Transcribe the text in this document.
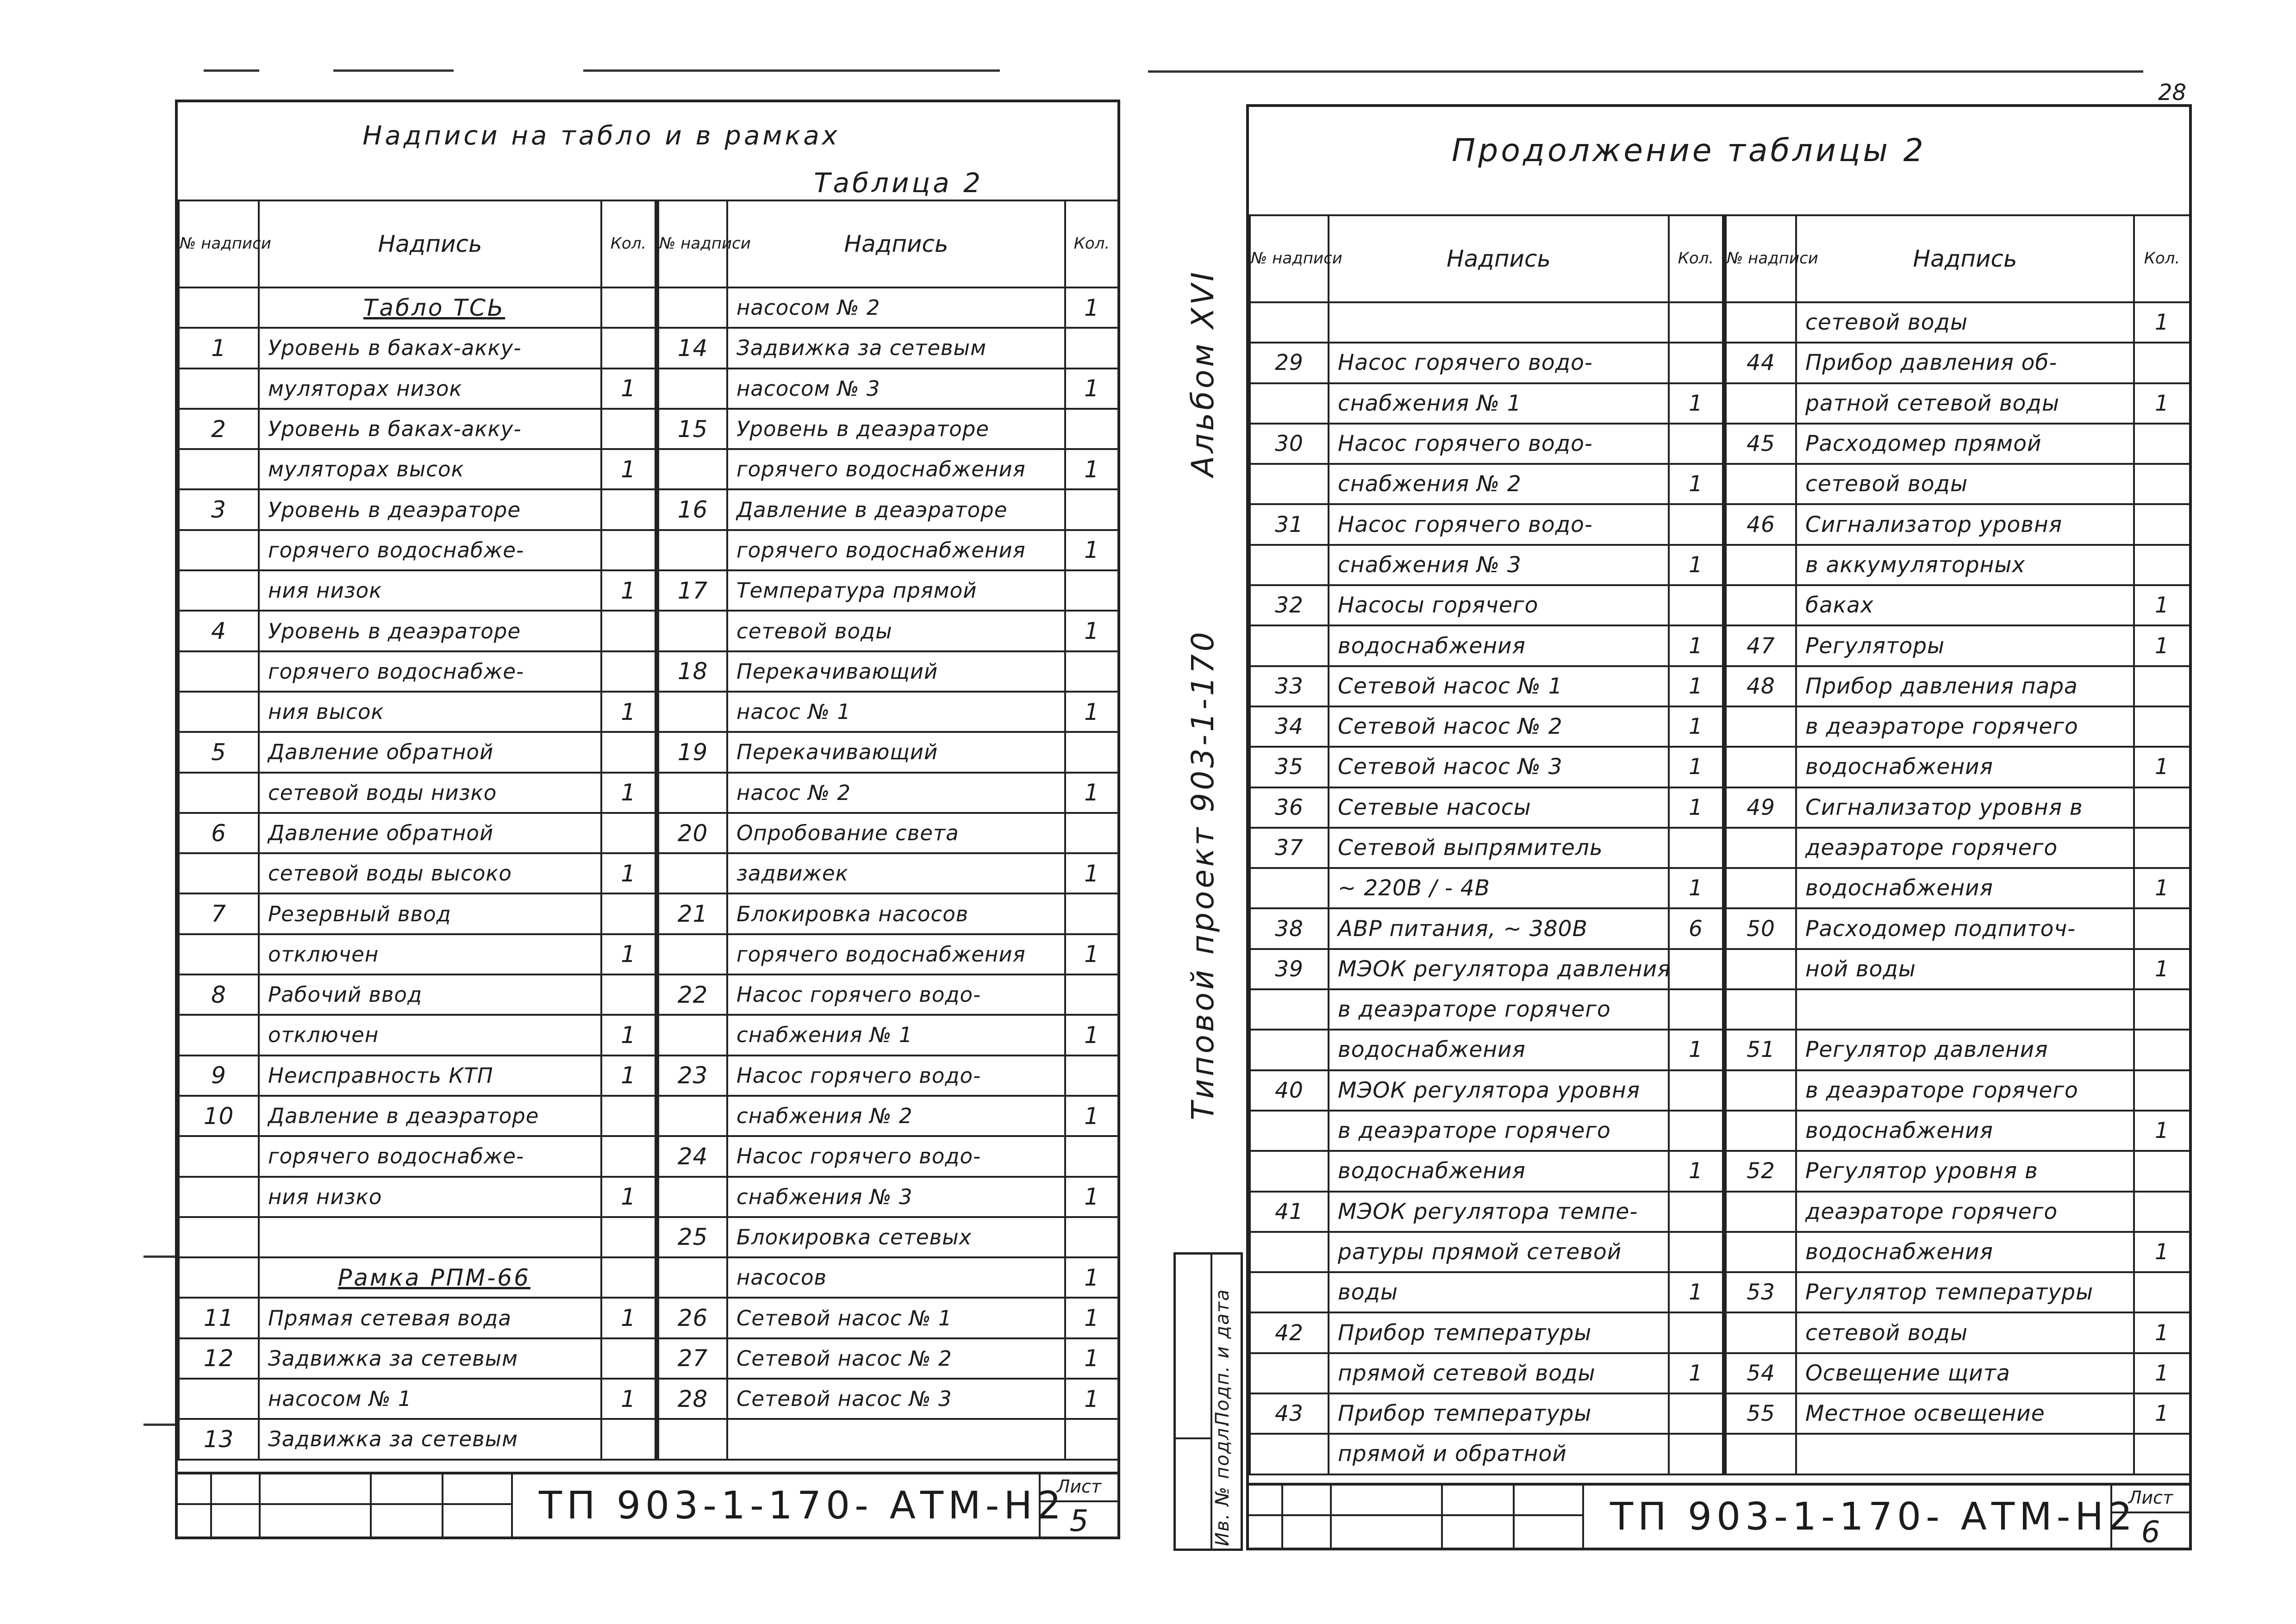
Надписи на табло и в рамках
Таблица 2
№ надписи	Надпись	Кол.	№ надписи	Надпись	Кол.
	Табло ТСЬ			насосом № 2	1
1	Уровень в баках-акку-		14	Задвижка за сетевым	
	муляторах низок	1		насосом № 3	1
2	Уровень в баках-акку-		15	Уровень в деаэраторе	
	муляторах высок	1		горячего водоснабжения	1
3	Уровень в деаэраторе		16	Давление в деаэраторе	
	горячего водоснабже-			горячего водоснабжения	1
	ния низок	1	17	Температура прямой	
4	Уровень в деаэраторе			сетевой воды	1
	горячего водоснабже-		18	Перекачивающий	
	ния высок	1		насос № 1	1
5	Давление обратной		19	Перекачивающий	
	сетевой воды низко	1		насос № 2	1
6	Давление обратной		20	Опробование света	
	сетевой воды высоко	1		задвижек	1
7	Резервный ввод		21	Блокировка насосов	
	отключен	1		горячего водоснабжения	1
8	Рабочий ввод		22	Насос горячего водо-	
	отключен	1		снабжения № 1	1
9	Неисправность КТП	1	23	Насос горячего водо-	
10	Давление в деаэраторе			снабжения № 2	1
	горячего водоснабже-		24	Насос горячего водо-	
	ния низко	1		снабжения № 3	1
			25	Блокировка сетевых	
	Рамка РПМ-66			насосов	1
11	Прямая сетевая вода	1	26	Сетевой насос № 1	1
12	Задвижка за сетевым		27	Сетевой насос № 2	1
	насосом № 1	1	28	Сетевой насос № 3	1
13	Задвижка за сетевым				
ТП 903-1-170- АТМ-Н2
Лист
5
Альбом XVI
Типовой проект 903-1-170
Подп. и дата
Ив. № подл.
28
Продолжение таблицы 2
№ надписи	Надпись	Кол.	№ надписи	Надпись	Кол.
				сетевой воды	1
29	Насос горячего водо-		44	Прибор давления об-	
	снабжения № 1	1		ратной сетевой воды	1
30	Насос горячего водо-		45	Расходомер прямой	
	снабжения № 2	1		сетевой воды	
31	Насос горячего водо-		46	Сигнализатор уровня	
	снабжения № 3	1		в аккумуляторных	
32	Насосы горячего			баках	1
	водоснабжения	1	47	Регуляторы	1
33	Сетевой насос № 1	1	48	Прибор давления пара	
34	Сетевой насос № 2	1		в деаэраторе горячего	
35	Сетевой насос № 3	1		водоснабжения	1
36	Сетевые насосы	1	49	Сигнализатор уровня в	
37	Сетевой выпрямитель			деаэраторе горячего	
	~ 220В / - 4В	1		водоснабжения	1
38	АВР питания, ~ 380В	6	50	Расходомер подпиточ-	
39	МЭОК регулятора давления			ной воды	1
	в деаэраторе горячего				
	водоснабжения	1	51	Регулятор давления	
40	МЭОК регулятора уровня			в деаэраторе горячего	
	в деаэраторе горячего			водоснабжения	1
	водоснабжения	1	52	Регулятор уровня в	
41	МЭОК регулятора темпе-			деаэраторе горячего	
	ратуры прямой сетевой			водоснабжения	1
	воды	1	53	Регулятор температуры	
42	Прибор температуры			сетевой воды	1
	прямой сетевой воды	1	54	Освещение щита	1
43	Прибор температуры		55	Местное освещение	1
	прямой и обратной				
ТП 903-1-170- АТМ-Н2
Лист
6
